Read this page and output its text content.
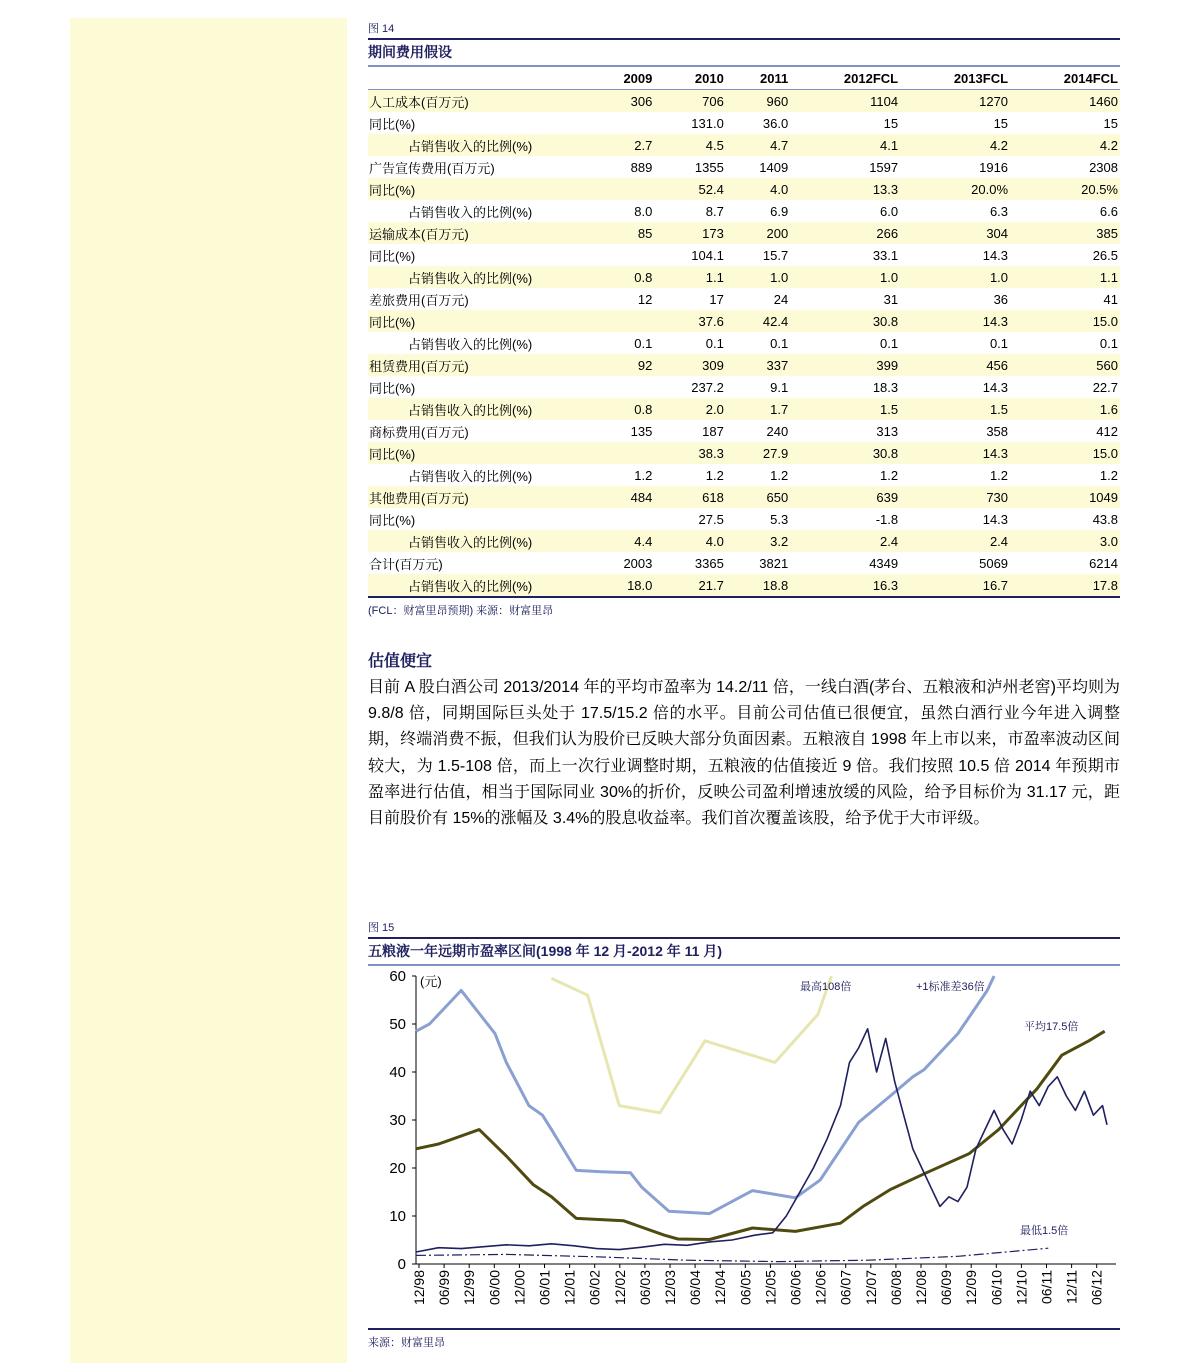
图 14
期间费用假设
	2009	2010	2011	2012FCL	2013FCL	2014FCL
人工成本(百万元)	306	706	960	1104	1270	1460
同比(%)		131.0	36.0	15	15	15
占销售收入的比例(%)	2.7	4.5	4.7	4.1	4.2	4.2
广告宣传费用(百万元)	889	1355	1409	1597	1916	2308
同比(%)		52.4	4.0	13.3	20.0%	20.5%
占销售收入的比例(%)	8.0	8.7	6.9	6.0	6.3	6.6
运输成本(百万元)	85	173	200	266	304	385
同比(%)		104.1	15.7	33.1	14.3	26.5
占销售收入的比例(%)	0.8	1.1	1.0	1.0	1.0	1.1
差旅费用(百万元)	12	17	24	31	36	41
同比(%)		37.6	42.4	30.8	14.3	15.0
占销售收入的比例(%)	0.1	0.1	0.1	0.1	0.1	0.1
租赁费用(百万元)	92	309	337	399	456	560
同比(%)		237.2	9.1	18.3	14.3	22.7
占销售收入的比例(%)	0.8	2.0	1.7	1.5	1.5	1.6
商标费用(百万元)	135	187	240	313	358	412
同比(%)		38.3	27.9	30.8	14.3	15.0
占销售收入的比例(%)	1.2	1.2	1.2	1.2	1.2	1.2
其他费用(百万元)	484	618	650	639	730	1049
同比(%)		27.5	5.3	-1.8	14.3	43.8
占销售收入的比例(%)	4.4	4.0	3.2	2.4	2.4	3.0
合计(百万元)	2003	3365	3821	4349	5069	6214
占销售收入的比例(%)	18.0	21.7	18.8	16.3	16.7	17.8
(FCL：财富里昂预期) 来源：财富里昂
估值便宜
目前 A 股白酒公司 2013/2014 年的平均市盈率为 14.2/11 倍，一线白酒(茅台、五粮液和泸州老窖)平均则为 9.8/8 倍，同期国际巨头处于 17.5/15.2 倍的水平。目前公司估值已很便宜，虽然白酒行业今年进入调整期，终端消费不振，但我们认为股价已反映大部分负面因素。五粮液自 1998 年上市以来，市盈率波动区间较大，为 1.5-108 倍，而上一次行业调整时期，五粮液的估值接近 9 倍。我们按照 10.5 倍 2014 年预期市盈率进行估值，相当于国际同业 30%的折价，反映公司盈利增速放缓的风险，给予目标价为 31.17 元，距目前股价有 15%的涨幅及 3.4%的股息收益率。我们首次覆盖该股，给予优于大市评级。
图 15
五粮液一年远期市盈率区间(1998 年 12 月-2012 年 11 月)
0
10
20
30
40
50
60 (元)
12/98 06/99 12/99 06/00 12/00 06/01 12/01 06/02 12/02 06/03 12/03 06/04 12/04 06/05 12/05 06/06 12/06 06/07 12/07 06/08 12/08 06/09 12/09 06/10 12/10 06/11 12/11 06/12
最高108倍	+1标准差36倍
平均17.5倍
最低1.5倍
来源：财富里昂
